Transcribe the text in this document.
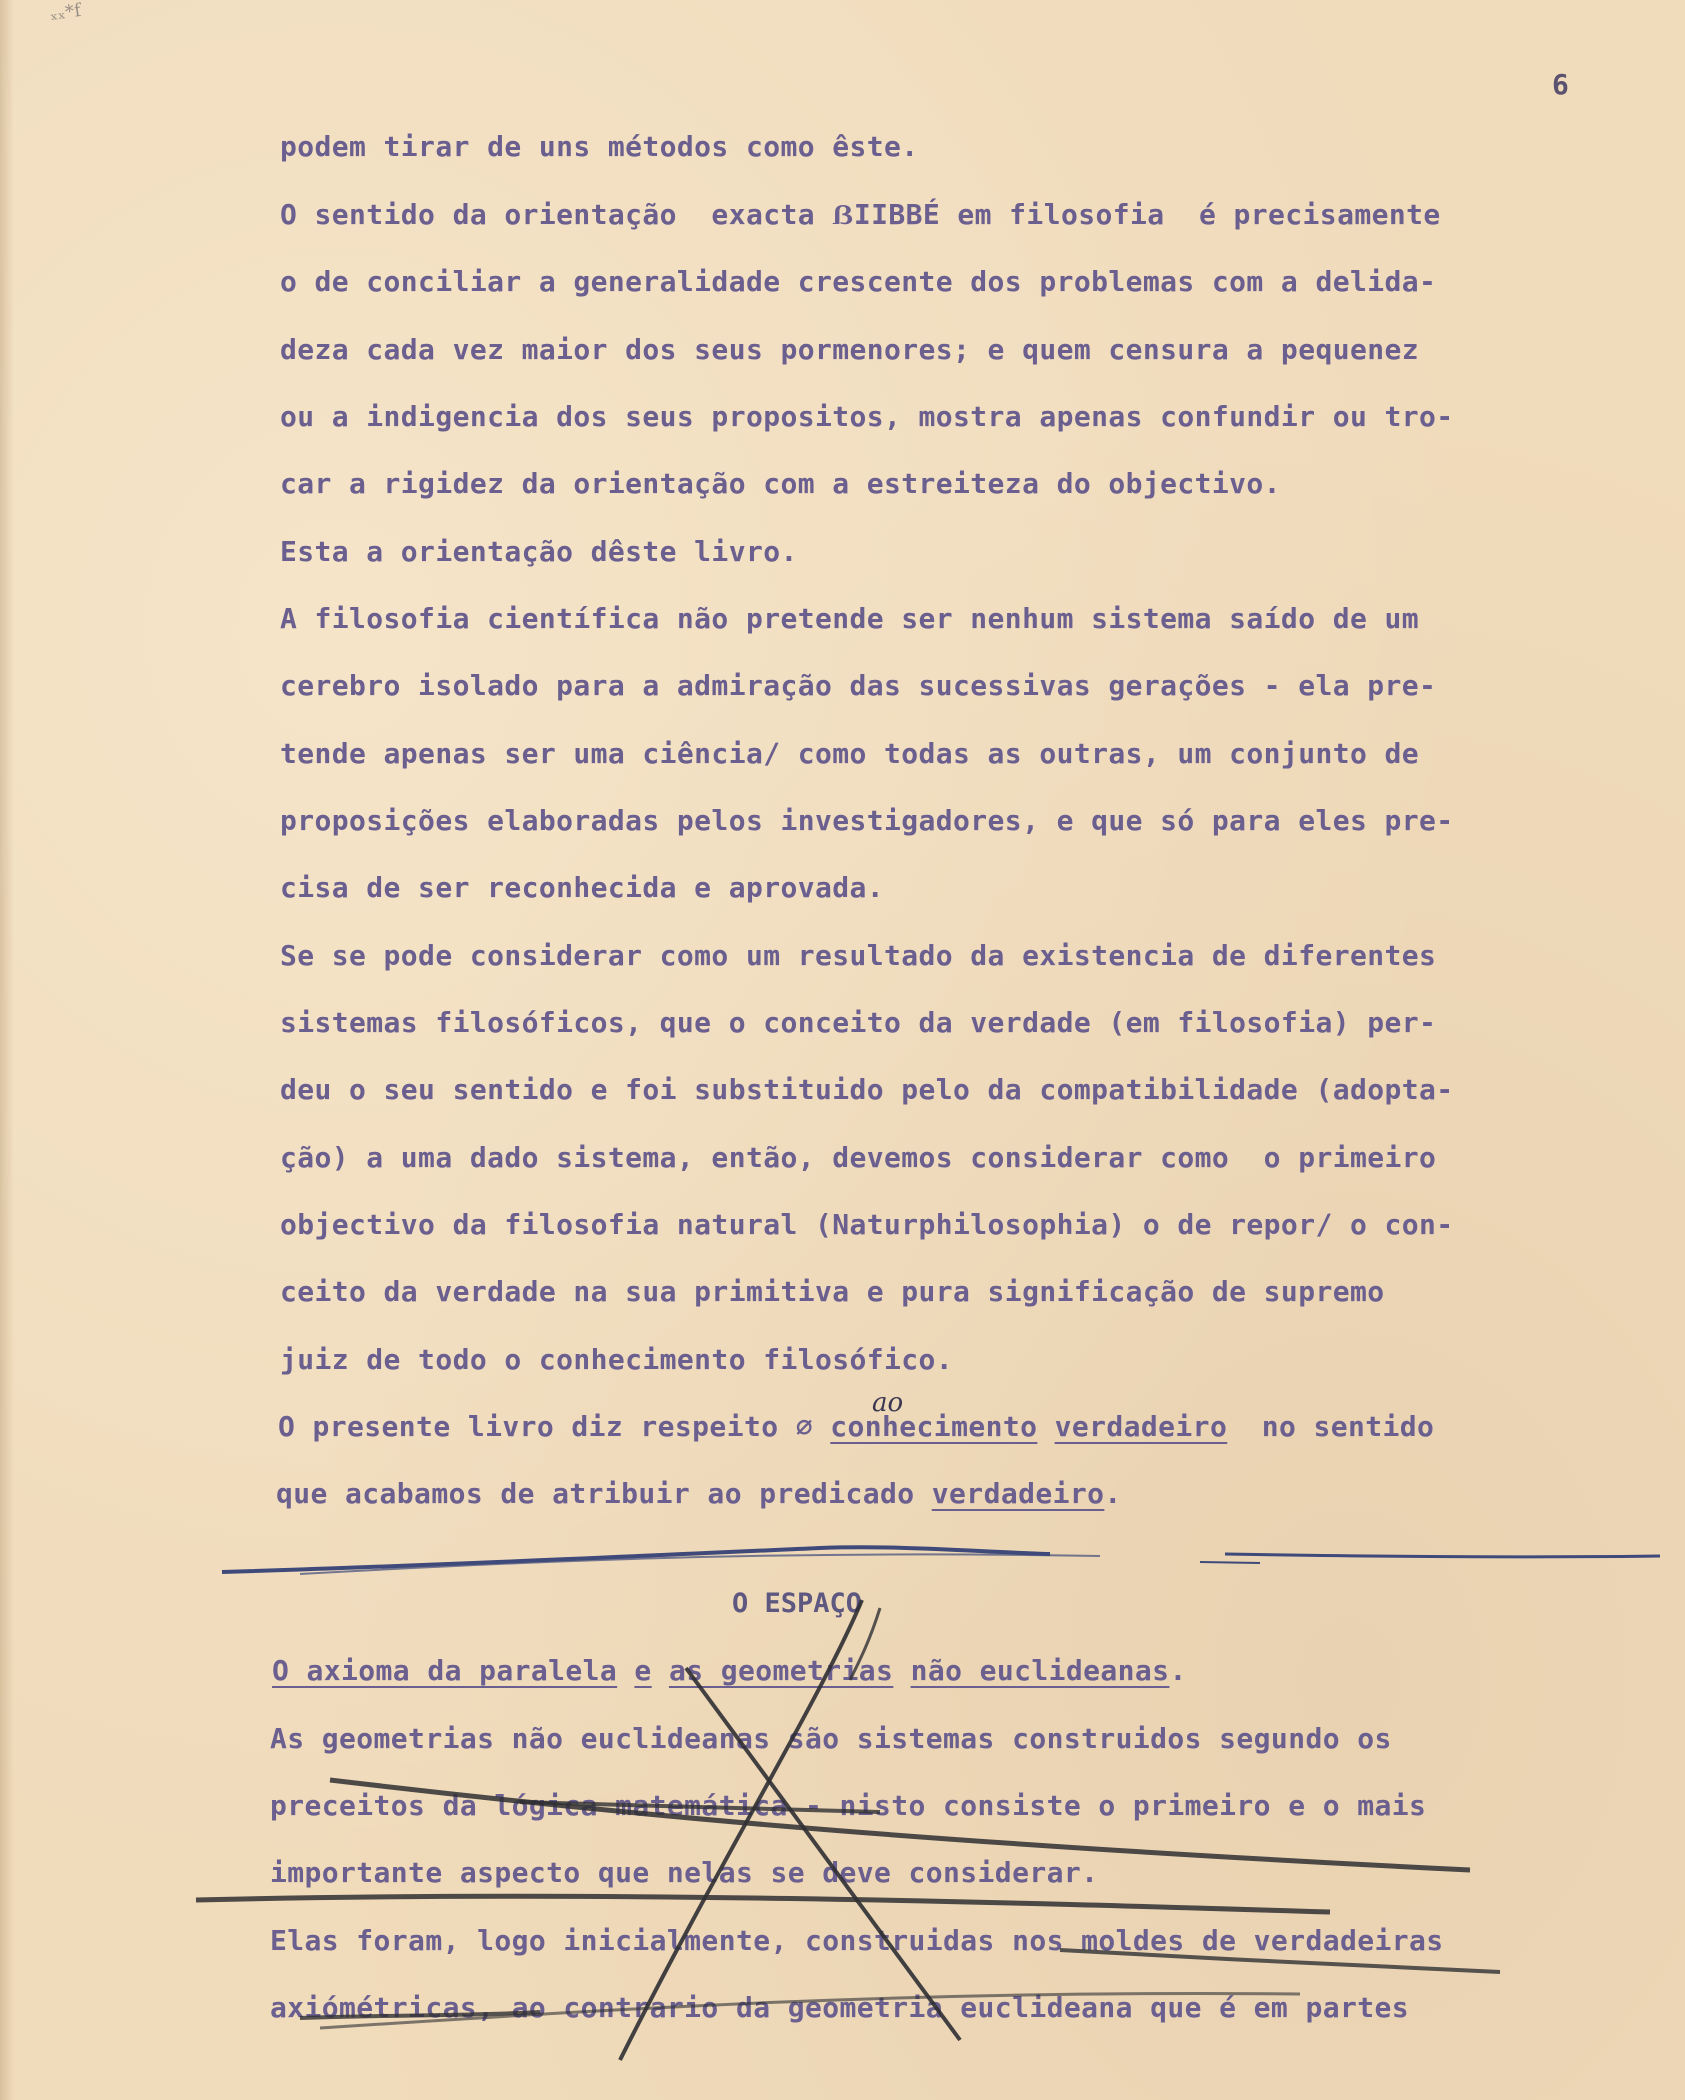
ₓₓ*f
6
podem tirar de uns métodos como êste.
O sentido da orientação  exacta ẞIIBBÉ em filosofia  é precisamente
o de conciliar a generalidade crescente dos problemas com a delida-
deza cada vez maior dos seus pormenores; e quem censura a pequenez
ou a indigencia dos seus propositos, mostra apenas confundir ou tro-
car a rigidez da orientação com a estreiteza do objectivo.
Esta a orientação dêste livro.
A filosofia científica não pretende ser nenhum sistema saído de um
cerebro isolado para a admiração das sucessivas gerações - ela pre-
tende apenas ser uma ciência∕ como todas as outras, um conjunto de
proposições elaboradas pelos investigadores, e que só para eles pre-
cisa de ser reconhecida e aprovada.
Se se pode considerar como um resultado da existencia de diferentes
sistemas filosóficos, que o conceito da verdade (em filosofia) per-
deu o seu sentido e foi substituido pelo da compatibilidade (adopta-
ção) a uma dado sistema, então, devemos considerar como  o primeiro
objectivo da filosofia natural (Naturphilosophia) o de repor∕ o con-
ceito da verdade na sua primitiva e pura significação de supremo
juiz de todo o conhecimento filosófico.
ao
O presente livro diz respeito ∅ conhecimento verdadeiro  no sentido
que acabamos de atribuir ao predicado verdadeiro.
O ESPAÇO
O axioma da paralela e as geometrias não euclideanas.
As geometrias não euclideanas são sistemas construidos segundo os
preceitos da lógica matemática - nisto consiste o primeiro e o mais
importante aspecto que nelas se deve considerar.
Elas foram, logo inicialmente, construidas nos moldes de verdadeiras
axiómétricas, ao contrario da geometria euclideana que é em partes
